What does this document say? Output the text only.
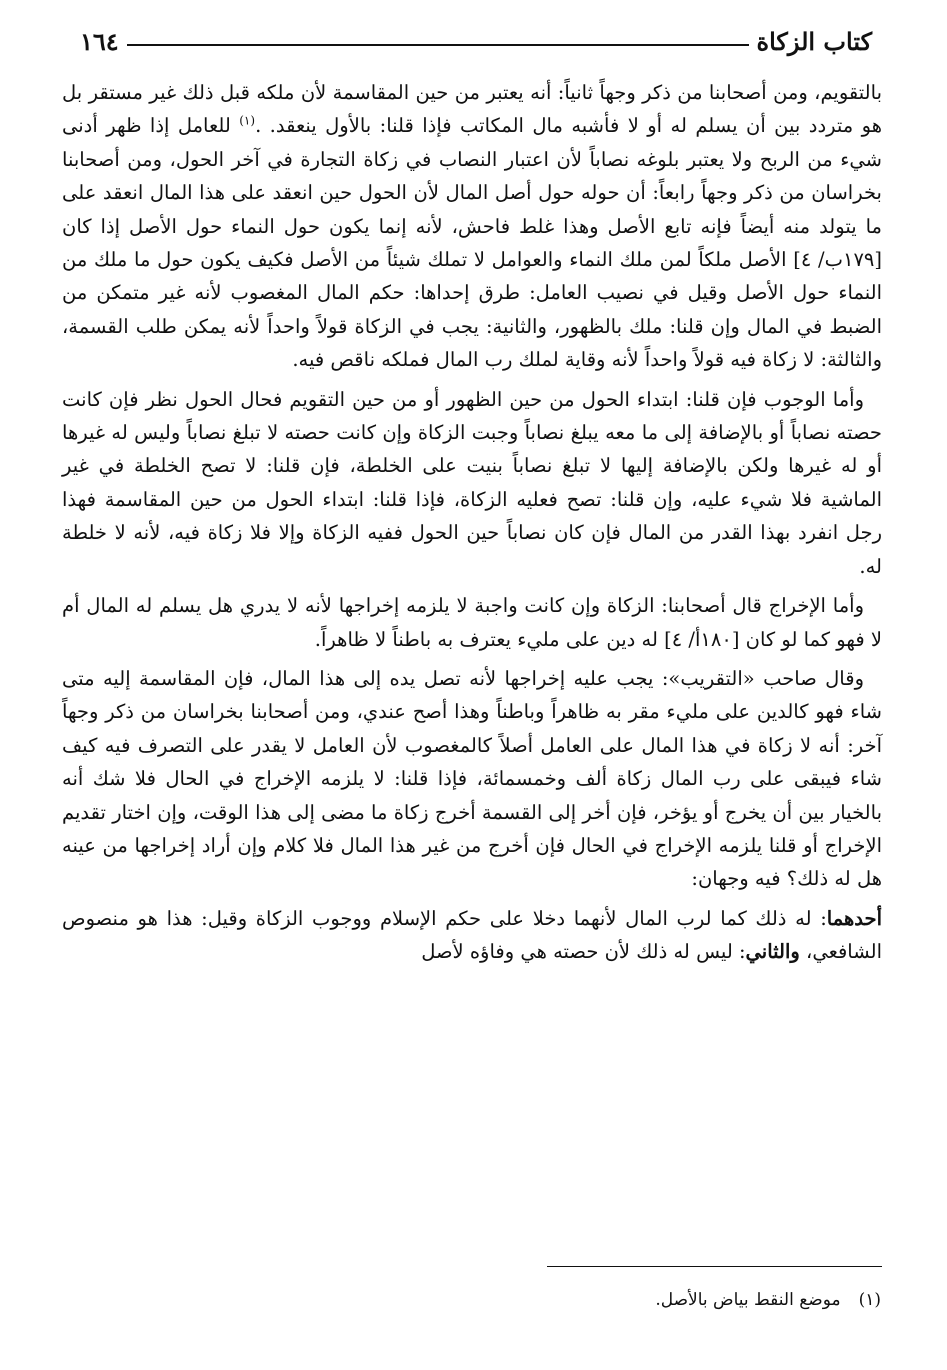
كتاب الزكاة
١٦٤

بالتقويم، ومن أصحابنا من ذكر وجهاً ثانياً: أنه يعتبر من حين المقاسمة لأن ملكه قبل ذلك غير مستقر بل هو متردد بين أن يسلم له أو لا فأشبه مال المكاتب فإذا قلنا: بالأول ينعقد. .$^{(١)}$ للعامل إذا ظهر أدنى شيء من الربح ولا يعتبر بلوغه نصاباً لأن اعتبار النصاب في زكاة التجارة في آخر الحول، ومن أصحابنا بخراسان من ذكر وجهاً رابعاً: أن حوله حول أصل المال لأن الحول حين انعقد على هذا المال انعقد على ما يتولد منه أيضاً فإنه تابع الأصل وهذا غلط فاحش، لأنه إنما يكون حول النماء حول الأصل إذا كان [١٧٩ب/ ٤] الأصل ملكاً لمن ملك النماء والعوامل لا تملك شيئاً من الأصل فكيف يكون حول ما ملك من النماء حول الأصل وقيل في نصيب العامل: طرق إحداها: حكم المال المغصوب لأنه غير متمكن من الضبط في المال وإن قلنا: ملك بالظهور، والثانية: يجب في الزكاة قولاً واحداً لأنه يمكن طلب القسمة، والثالثة: لا زكاة فيه قولاً واحداً لأنه وقاية لملك رب المال فملكه ناقص فيه.

وأما الوجوب فإن قلنا: ابتداء الحول من حين الظهور أو من حين التقويم فحال الحول نظر فإن كانت حصته نصاباً أو بالإضافة إلى ما معه يبلغ نصاباً وجبت الزكاة وإن كانت حصته لا تبلغ نصاباً وليس له غيرها أو له غيرها ولكن بالإضافة إليها لا تبلغ نصاباً بنيت على الخلطة، فإن قلنا: لا تصح الخلطة في غير الماشية فلا شيء عليه، وإن قلنا: تصح فعليه الزكاة، فإذا قلنا: ابتداء الحول من حين المقاسمة فهذا رجل انفرد بهذا القدر من المال فإن كان نصاباً حين الحول ففيه الزكاة وإلا فلا زكاة فيه، لأنه لا خلطة له.

وأما الإخراج قال أصحابنا: الزكاة وإن كانت واجبة لا يلزمه إخراجها لأنه لا يدري هل يسلم له المال أم لا فهو كما لو كان [١٨٠أ/ ٤] له دين على مليء يعترف به باطناً لا ظاهراً.

وقال صاحب «التقريب»: يجب عليه إخراجها لأنه تصل يده إلى هذا المال، فإن المقاسمة إليه متى شاء فهو كالدين على مليء مقر به ظاهراً وباطناً وهذا أصح عندي، ومن أصحابنا بخراسان من ذكر وجهاً آخر: أنه لا زكاة في هذا المال على العامل أصلاً كالمغصوب لأن العامل لا يقدر على التصرف فيه كيف شاء فيبقى على رب المال زكاة ألف وخمسمائة، فإذا قلنا: لا يلزمه الإخراج في الحال فلا شك أنه بالخيار بين أن يخرج أو يؤخر، فإن أخر إلى القسمة أخرج زكاة ما مضى إلى هذا الوقت، وإن اختار تقديم الإخراج أو قلنا يلزمه الإخراج في الحال فإن أخرج من غير هذا المال فلا كلام وإن أراد إخراجها من عينه هل له ذلك؟ فيه وجهان:

أحدهما: له ذلك كما لرب المال لأنهما دخلا على حكم الإسلام ووجوب الزكاة وقيل: هذا هو منصوص الشافعي، والثاني: ليس له ذلك لأن حصته هي وفاؤه لأصل

(١)موضع النقط بياض بالأصل.
